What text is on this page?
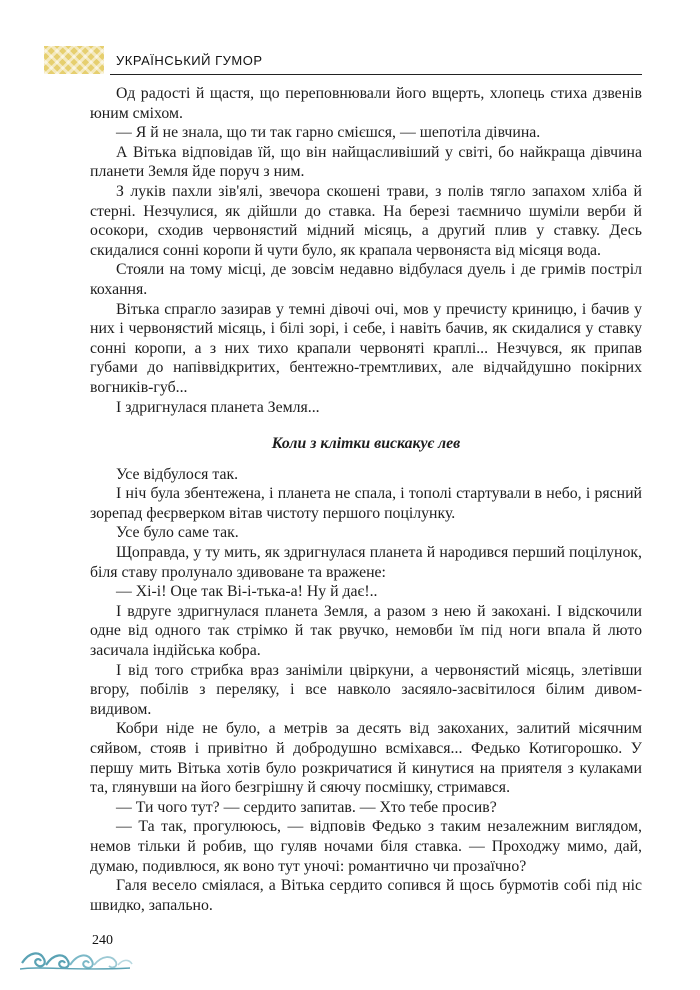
УКРАЇНСЬКИЙ ГУМОР

Од радості й щастя, що переповнювали його вщерть, хлопець стиха дзвенів юним сміхом.

— Я й не знала, що ти так гарно смієшся, — шепотіла дівчина.

А Вітька відповідав їй, що він найщасливіший у світі, бо найкраща дівчина планети Земля йде поруч з ним.

З луків пахли зів'ялі, звечора скошені трави, з полів тягло запахом хліба й стерні. Незчулися, як дійшли до ставка. На березі таємничо шуміли верби й осокори, сходив червонястий мідний місяць, а другий плив у ставку. Десь скидалися сонні коропи й чути було, як крапала червоняста від місяця вода.

Стояли на тому місці, де зовсім недавно відбулася дуель і де гримів постріл кохання.

Вітька спрагло зазирав у темні дівочі очі, мов у пречисту криницю, і бачив у них і червонястий місяць, і білі зорі, і себе, і навіть бачив, як скидалися у ставку сонні коропи, а з них тихо крапали червоняті краплі... Незчувся, як припав губами до напіввідкритих, бентежно-тремтливих, але відчайдушно покірних вогників-губ...

І здригнулася планета Земля...

Коли з клітки вискакує лев

Усе відбулося так.

І ніч була збентежена, і планета не спала, і тополі стартували в небо, і рясний зорепад феєрверком вітав чистоту першого поцілунку.

Усе було саме так.

Щоправда, у ту мить, як здригнулася планета й народився перший поцілунок, біля ставу пролунало здивоване та вражене:

— Хі-і! Оце так Ві-і-тька-а! Ну й дає!..

І вдруге здригнулася планета Земля, а разом з нею й закохані. І відскочили одне від одного так стрімко й так рвучко, немовби їм під ноги впала й люто засичала індійська кобра.

І від того стрибка враз заніміли цвіркуни, а червонястий місяць, злетівши вгору, побілів з переляку, і все навколо засяяло-засвітилося білим дивом-видивом.

Кобри ніде не було, а метрів за десять від закоханих, залитий місячним сяйвом, стояв і привітно й добродушно всміхався... Федько Котигорошко. У першу мить Вітька хотів було розкричатися й кинутися на приятеля з кулаками та, глянувши на його безгрішну й сяючу посмішку, стримався.

— Ти чого тут? — сердито запитав. — Хто тебе просив?

— Та так, прогулююсь, — відповів Федько з таким незалежним виглядом, немов тільки й робив, що гуляв ночами біля ставка. — Проходжу мимо, дай, думаю, подивлюся, як воно тут уночі: романтично чи прозаїчно?

Галя весело сміялася, а Вітька сердито сопився й щось бурмотів собі під ніс швидко, запально.

240
